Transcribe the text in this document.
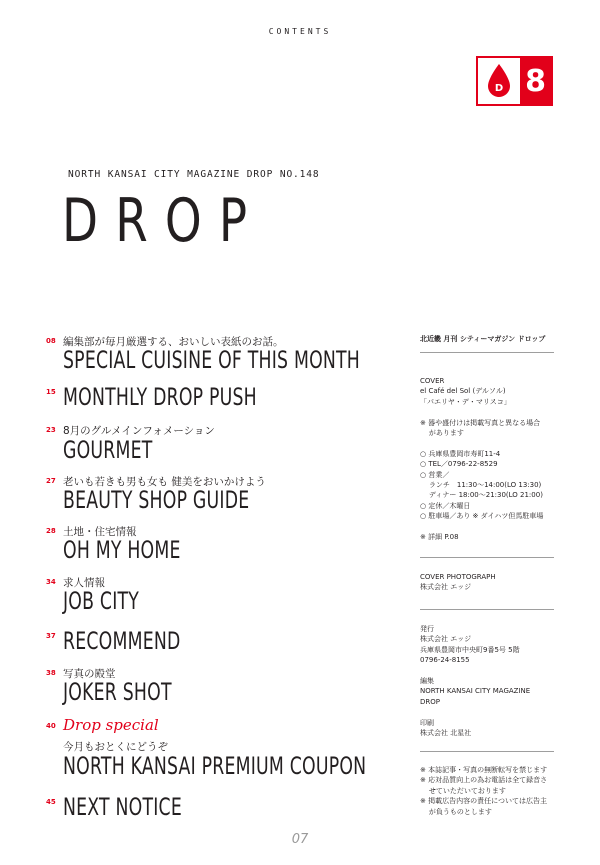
CONTENTS
D 8
NORTH KANSAI CITY MAGAZINE DROP NO.148
DROP
08 編集部が毎月厳選する、おいしい表紙のお話。
SPECIAL CUISINE OF THIS MONTH
15 MONTHLY DROP PUSH
23 8月のグルメインフォメーション
GOURMET
27 老いも若きも男も女も 健美をおいかけよう
BEAUTY SHOP GUIDE
28 土地・住宅情報
OH MY HOME
34 求人情報
JOB CITY
37 RECOMMEND
38 写真の殿堂
JOKER SHOT
40 Drop special
今月もおとくにどうぞ
NORTH KANSAI PREMIUM COUPON
45 NEXT NOTICE
北近畿 月刊 シティーマガジン ドロップ
COVER
el Café del Sol (デルソル)
「パエリヤ・デ・マリスコ」

※ 器や盛付けは掲載写真と異なる場合
があります

○ 兵庫県豊岡市寿町11-4
○ TEL／0796-22-8529
○ 営業／
ランチ　11:30〜14:00(LO 13:30)
ディナー 18:00〜21:30(LO 21:00)
○ 定休／木曜日
○ 駐車場／あり ※ ダイハツ但馬駐車場

※ 詳細 P.08
COVER PHOTOGRAPH
株式会社 エッジ
発行
株式会社 エッジ
兵庫県豊岡市中央町9番5号 5階
0796-24-8155

編集
NORTH KANSAI CITY MAGAZINE
DROP

印刷
株式会社 北星社
※ 本誌記事・写真の無断転写を禁じます
※ 応対品質向上の為お電話は全て録音さ
せていただいております
※ 掲載広告内容の責任については広告主
が負うものとします
07
